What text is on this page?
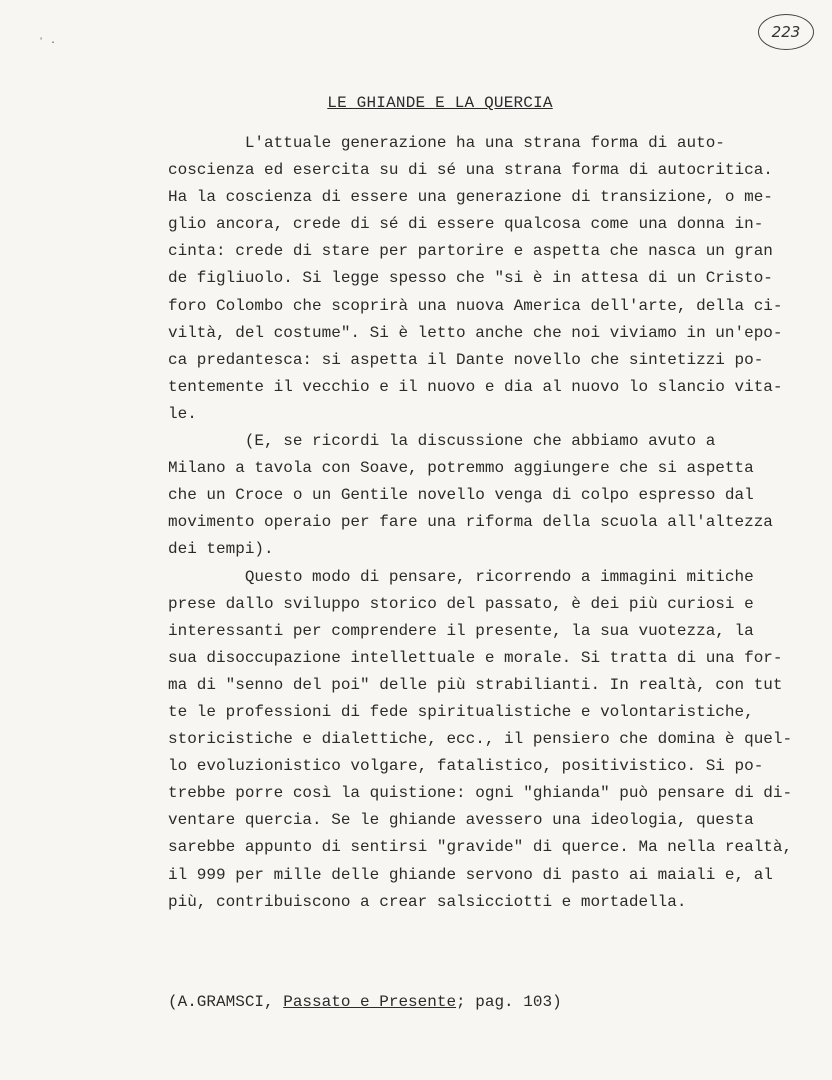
ʼ ·
223
LE GHIANDE E LA QUERCIA
L'attuale generazione ha una strana forma di auto-
coscienza ed esercita su di sé una strana forma di autocritica.
Ha la coscienza di essere una generazione di transizione, o me-
glio ancora, crede di sé di essere qualcosa come una donna in-
cinta: crede di stare per partorire e aspetta che nasca un gran
de figliuolo. Si legge spesso che "si è in attesa di un Cristo-
foro Colombo che scoprirà una nuova America dell'arte, della ci-
viltà, del costume". Si è letto anche che noi viviamo in un'epo-
ca predantesca: si aspetta il Dante novello che sintetizzi po-
tentemente il vecchio e il nuovo e dia al nuovo lo slancio vita-
le.
(E, se ricordi la discussione che abbiamo avuto a
Milano a tavola con Soave, potremmo aggiungere che si aspetta
che un Croce o un Gentile novello venga di colpo espresso dal
movimento operaio per fare una riforma della scuola all'altezza
dei tempi).
Questo modo di pensare, ricorrendo a immagini mitiche
prese dallo sviluppo storico del passato, è dei più curiosi e
interessanti per comprendere il presente, la sua vuotezza, la
sua disoccupazione intellettuale e morale. Si tratta di una for-
ma di "senno del poi" delle più strabilianti. In realtà, con tut
te le professioni di fede spiritualistiche e volontaristiche,
storicistiche e dialettiche, ecc., il pensiero che domina è quel-
lo evoluzionistico volgare, fatalistico, positivistico. Si po-
trebbe porre così la quistione: ogni "ghianda" può pensare di di-
ventare quercia. Se le ghiande avessero una ideologia, questa
sarebbe appunto di sentirsi "gravide" di querce. Ma nella realtà,
il 999 per mille delle ghiande servono di pasto ai maiali e, al
più, contribuiscono a crear salsicciotti e mortadella.
(A.GRAMSCI, Passato e Presente; pag. 103)
